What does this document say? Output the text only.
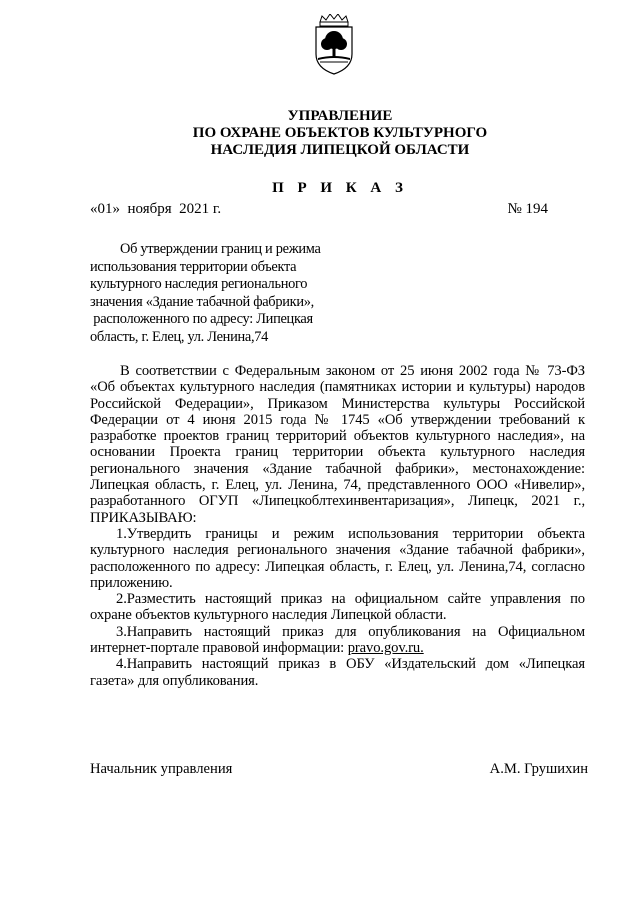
УПРАВЛЕНИЕ
ПО ОХРАНЕ ОБЪЕКТОВ КУЛЬТУРНОГО
НАСЛЕДИЯ ЛИПЕЦКОЙ ОБЛАСТИ
П Р И К А З
«01»  ноября  2021 г.	№ 194
Об утверждении границ и режима
использования территории объекта
культурного наследия регионального
значения «Здание табачной фабрики»,
расположенного по адресу: Липецкая
область, г. Елец, ул. Ленина,74

В соответствии с Федеральным законом от 25 июня 2002 года № 73-ФЗ «Об объектах культурного наследия (памятниках истории и культуры) народов Российской Федерации», Приказом Министерства культуры Российской Федерации от 4 июня 2015 года № 1745 «Об утверждении требований к разработке проектов границ территорий объектов культурного наследия», на основании Проекта границ территории объекта культурного наследия регионального значения «Здание табачной фабрики», местонахождение: Липецкая область, г. Елец, ул. Ленина, 74, представленного ООО «Нивелир», разработанного ОГУП «Липецкоблтехинвентаризация», Липецк, 2021 г., ПРИКАЗЫВАЮ:

1.Утвердить границы и режим использования территории объекта культурного наследия регионального значения «Здание табачной фабрики», расположенного по адресу: Липецкая область, г. Елец, ул. Ленина,74, согласно приложению.

2.Разместить настоящий приказ на официальном сайте управления по охране объектов культурного наследия Липецкой области.

3.Направить настоящий приказ для опубликования на Официальном интернет-портале правовой информации: pravo.gov.ru.

4.Направить настоящий приказ в ОБУ «Издательский дом «Липецкая газета» для опубликования.

Начальник управления	А.М. Грушихин
